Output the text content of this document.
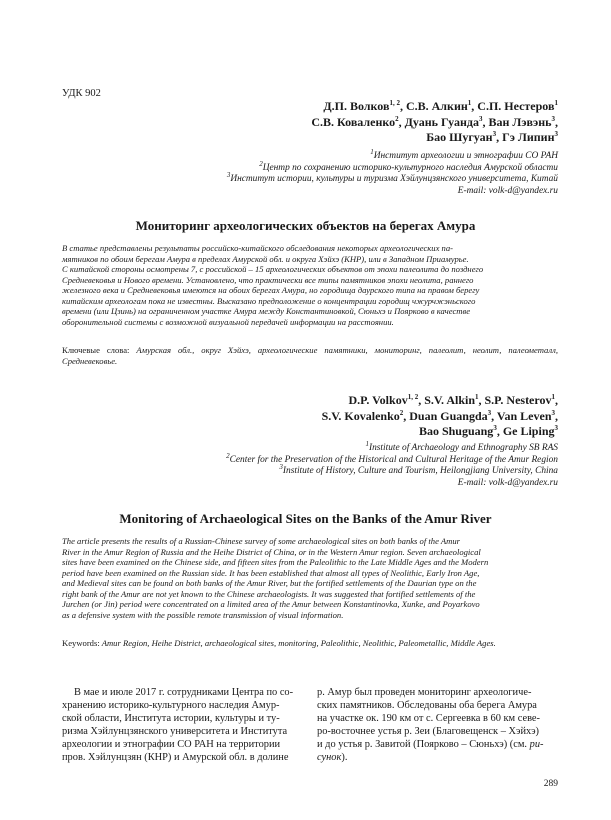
УДК 902
Д.П. Волков$^{1, 2}$, С.В. Алкин$^1$, С.П. Нестеров$^1$
С.В. Коваленко$^2$, Дуань Гуанда$^3$, Ван Лэвэнь$^3$,
Бао Шугуан$^3$, Гэ Липин$^3$
$^1$Институт археологии и этнографии СО РАН
$^2$Центр по сохранению историко-культурного наследия Амурской области
$^3$Институт истории, культуры и туризма Хэйлунцзянского университета, Китай
E-mail: volk-d@yandex.ru
Мониторинг археологических объектов на берегах Амура
В статье представлены результаты российско-китайского обследования некоторых археологических па-
мятников по обоим берегам Амура в пределах Амурской обл. и округа Хэйхэ (КНР), или в Западном Приамурье.
С китайской стороны осмотрены 7, с российской – 15 археологических объектов от эпохи палеолита до позднего
Средневековья и Нового времени. Установлено, что практически все типы памятников эпохи неолита, раннего
железного века и Средневековья имеются на обоих берегах Амура, но городища даурского типа на правом берегу
китайским археологам пока не известны. Высказано предположение о концентрации городищ чжурчжэньского
времени (или Цзинь) на ограниченном участке Амура между Константиновкой, Сюньхэ и Поярково в качестве
оборонительной системы с возможной визуальной передачей информации на расстоянии.
Ключевые слова: Амурская обл., округ Хэйхэ, археологические памятники, мониторинг, палеолит, неолит, палеометалл, Средневековье.
D.P. Volkov$^{1, 2}$, S.V. Alkin$^1$, S.P. Nesterov$^1$,
S.V. Kovalenko$^2$, Duan Guangda$^3$, Van Leven$^3$,
Bao Shuguang$^3$, Ge Liping$^3$
$^1$Institute of Archaeology and Ethnography SB RAS
$^2$Center for the Preservation of the Historical and Cultural Heritage of the Amur Region
$^3$Institute of History, Culture and Tourism, Heilongjiang University, China
E-mail: volk-d@yandex.ru
Monitoring of Archaeological Sites on the Banks of the Amur River
The article presents the results of a Russian-Chinese survey of some archaeological sites on both banks of the Amur
River in the Amur Region of Russia and the Heihe District of China, or in the Western Amur region. Seven archaeological
sites have been examined on the Chinese side, and fifteen sites from the Paleolithic to the Late Middle Ages and the Modern
period have been examined on the Russian side. It has been established that almost all types of Neolithic, Early Iron Age,
and Medieval sites can be found on both banks of the Amur River, but the fortified settlements of the Daurian type on the
right bank of the Amur are not yet known to the Chinese archaeologists. It was suggested that fortified settlements of the
Jurchen (or Jin) period were concentrated on a limited area of the Amur between Konstantinovka, Xunke, and Poyarkovo
as a defensive system with the possible remote transmission of visual information.
Keywords: Amur Region, Heihe District, archaeological sites, monitoring, Paleolithic, Neolithic, Paleometallic, Middle Ages.
В мае и июле 2017 г. сотрудниками Центра по со-
хранению историко-культурного наследия Амур-
ской области, Института истории, культуры и ту-
ризма Хэйлунцзянского университета и Института
археологии и этнографии СО РАН на территории
пров. Хэйлунцзян (КНР) и Амурской обл. в долине
р. Амур был проведен мониторинг археологиче-
ских памятников. Обследованы оба берега Амура
на участке ок. 190 км от с. Сергеевка в 60 км севе-
ро-восточнее устья р. Зеи (Благовещенск – Хэйхэ)
и до устья р. Завитой (Поярково – Сюньхэ) (см. ри-
сунок).
289
